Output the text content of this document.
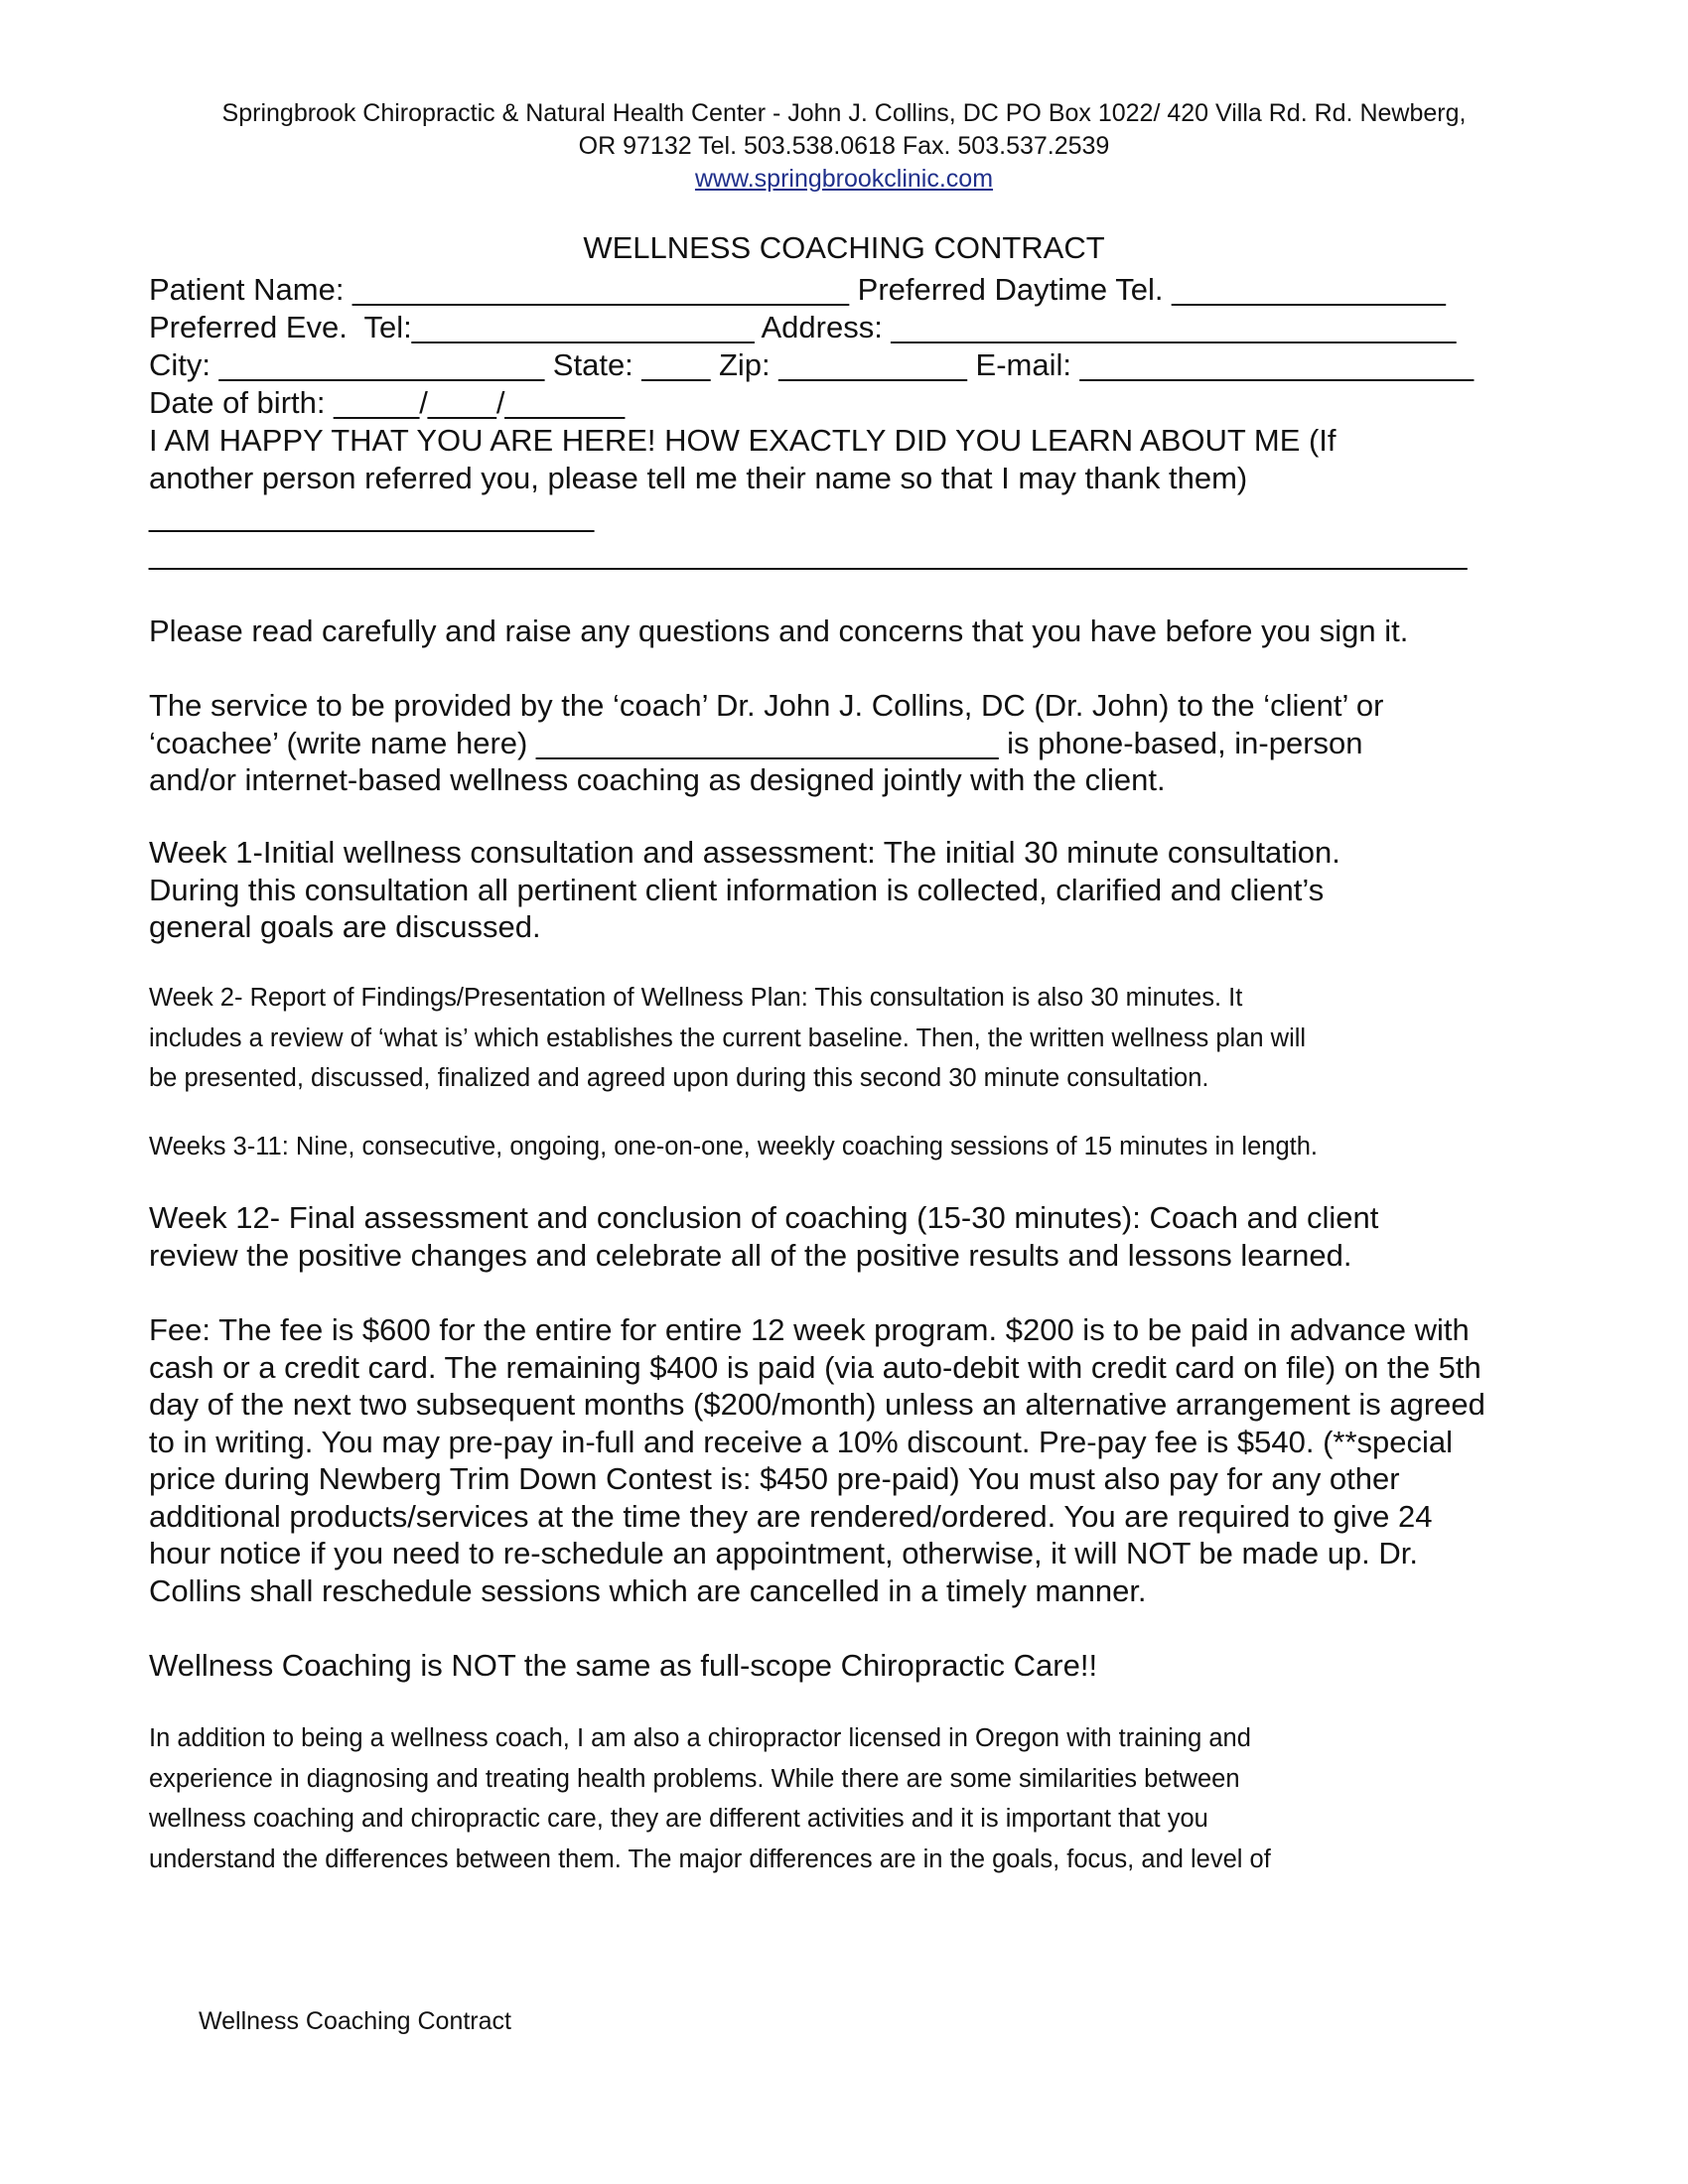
Springbrook Chiropractic & Natural Health Center - John J. Collins, DC PO Box 1022/ 420 Villa Rd. Rd. Newberg,
OR 97132 Tel. 503.538.0618 Fax. 503.537.2539
www.springbrookclinic.com
WELLNESS COACHING CONTRACT
Patient Name: _____________________________ Preferred Daytime Tel. ________________
Preferred Eve.  Tel:____________________ Address: _________________________________
City: ___________________ State: ____ Zip: ___________ E-mail: _______________________
Date of birth: _____/____/_______
I AM HAPPY THAT YOU ARE HERE! HOW EXACTLY DID YOU LEARN ABOUT ME (If
another person referred you, please tell me their name so that I may thank them)
__________________________
_____________________________________________________________________________
Please read carefully and raise any questions and concerns that you have before you sign it.
The service to be provided by the ‘coach’ Dr. John J. Collins, DC (Dr. John) to the ‘client’ or
‘coachee’ (write name here) ___________________________ is phone-based, in-person
and/or internet-based wellness coaching as designed jointly with the client.
Week 1-Initial wellness consultation and assessment: The initial 30 minute consultation.
During this consultation all pertinent client information is collected, clarified and client’s
general goals are discussed.
Week 2- Report of Findings/Presentation of Wellness Plan: This consultation is also 30 minutes. It
includes a review of ‘what is’ which establishes the current baseline. Then, the written wellness plan will
be presented, discussed, finalized and agreed upon during this second 30 minute consultation.
Weeks 3-11: Nine, consecutive, ongoing, one-on-one, weekly coaching sessions of 15 minutes in length.
Week 12- Final assessment and conclusion of coaching (15-30 minutes): Coach and client
review the positive changes and celebrate all of the positive results and lessons learned.
Fee: The fee is $600 for the entire for entire 12 week program. $200 is to be paid in advance with
cash or a credit card. The remaining $400 is paid (via auto-debit with credit card on file) on the 5th
day of the next two subsequent months ($200/month) unless an alternative arrangement is agreed
to in writing. You may pre-pay in-full and receive a 10% discount. Pre-pay fee is $540. (**special
price during Newberg Trim Down Contest is: $450 pre-paid) You must also pay for any other
additional products/services at the time they are rendered/ordered. You are required to give 24
hour notice if you need to re-schedule an appointment, otherwise, it will NOT be made up. Dr.
Collins shall reschedule sessions which are cancelled in a timely manner.
Wellness Coaching is NOT the same as full-scope Chiropractic Care!!
In addition to being a wellness coach, I am also a chiropractor licensed in Oregon with training and
experience in diagnosing and treating health problems. While there are some similarities between
wellness coaching and chiropractic care, they are different activities and it is important that you
understand the differences between them. The major differences are in the goals, focus, and level of
Wellness Coaching Contract
